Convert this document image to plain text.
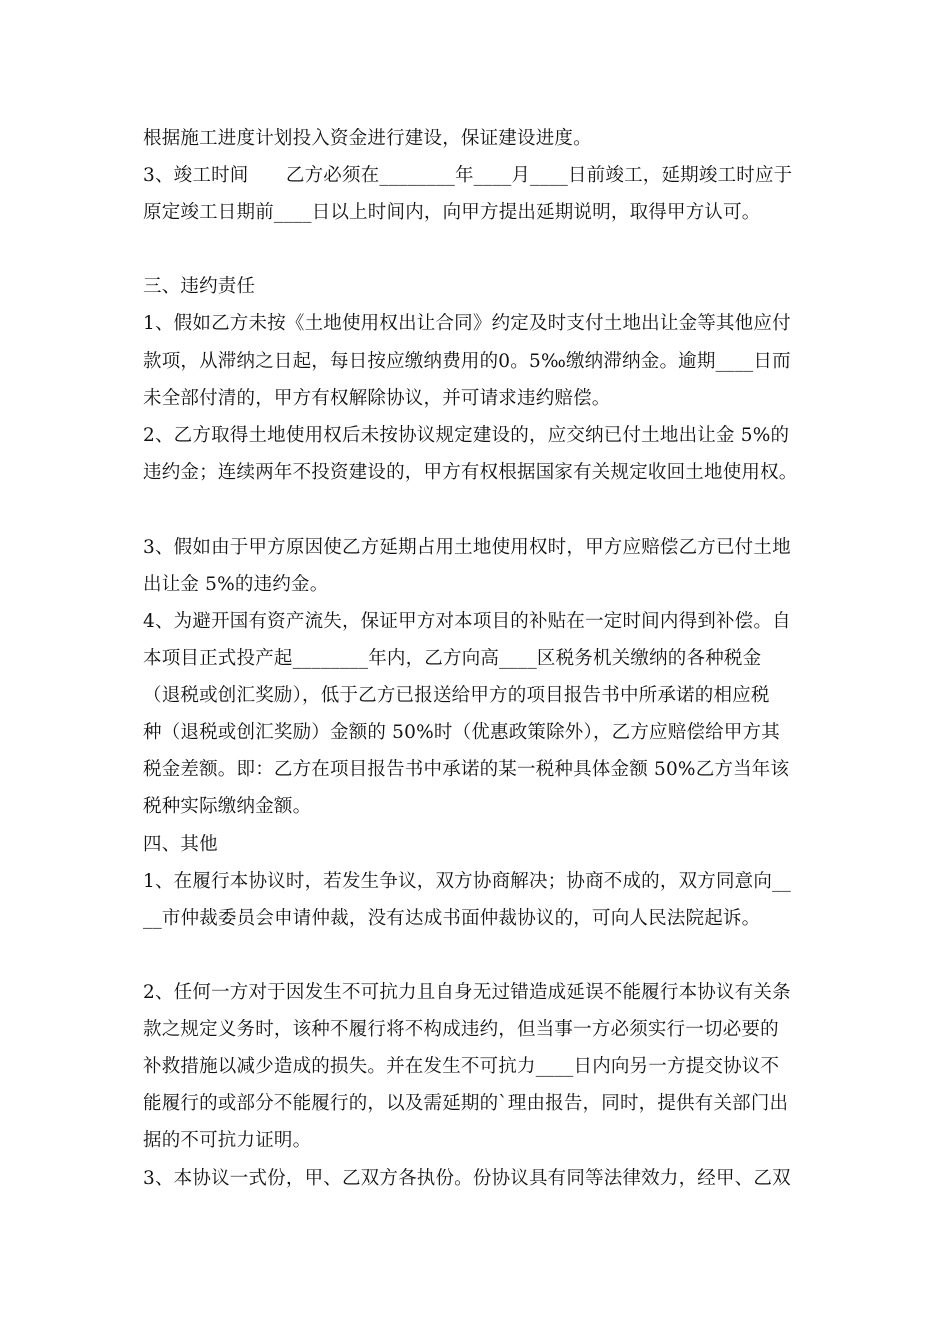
根据施工进度计划投入资金进行建设，保证建设进度。
3、竣工时间　　乙方必须在________年____月____日前竣工，延期竣工时应于
原定竣工日期前____日以上时间内，向甲方提出延期说明，取得甲方认可。
三、违约责任
1、假如乙方未按《土地使用权出让合同》约定及时支付土地出让金等其他应付
款项，从滞纳之日起，每日按应缴纳费用的0。5‰缴纳滞纳金。逾期____日而
未全部付清的，甲方有权解除协议，并可请求违约赔偿。
2、乙方取得土地使用权后未按协议规定建设的，应交纳已付土地出让金 5%的
违约金；连续两年不投资建设的，甲方有权根据国家有关规定收回土地使用权。
3、假如由于甲方原因使乙方延期占用土地使用权时，甲方应赔偿乙方已付土地
出让金 5%的违约金。
4、为避开国有资产流失，保证甲方对本项目的补贴在一定时间内得到补偿。自
本项目正式投产起________年内，乙方向高____区税务机关缴纳的各种税金
（退税或创汇奖励），低于乙方已报送给甲方的项目报告书中所承诺的相应税
种（退税或创汇奖励）金额的 50%时（优惠政策除外），乙方应赔偿给甲方其
税金差额。即：乙方在项目报告书中承诺的某一税种具体金额 50%乙方当年该
税种实际缴纳金额。
四、其他
1、在履行本协议时，若发生争议，双方协商解决；协商不成的，双方同意向__
__市仲裁委员会申请仲裁，没有达成书面仲裁协议的，可向人民法院起诉。
2、任何一方对于因发生不可抗力且自身无过错造成延误不能履行本协议有关条
款之规定义务时，该种不履行将不构成违约，但当事一方必须实行一切必要的
补救措施以减少造成的损失。并在发生不可抗力____日内向另一方提交协议不
能履行的或部分不能履行的，以及需延期的`理由报告，同时，提供有关部门出
据的不可抗力证明。
3、本协议一式份，甲、乙双方各执份。份协议具有同等法律效力，经甲、乙双
